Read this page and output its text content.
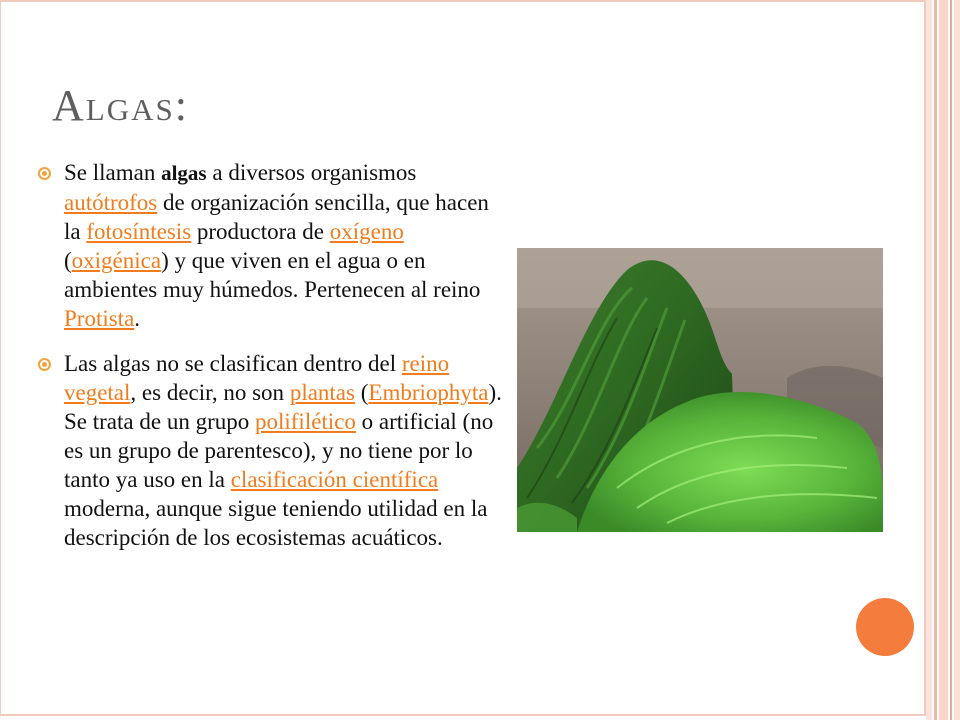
Algas:
Se llaman algas a diversos organismos autótrofos de organización sencilla, que hacen la fotosíntesis productora de oxígeno (oxigénica) y que viven en el agua o en ambientes muy húmedos. Pertenecen al reino Protista.
Las algas no se clasifican dentro del reino vegetal, es decir, no son plantas (Embriophyta). Se trata de un grupo polifilético o artificial (no es un grupo de parentesco), y no tiene por lo tanto ya uso en la clasificación científica moderna, aunque sigue teniendo utilidad en la descripción de los ecosistemas acuáticos.
